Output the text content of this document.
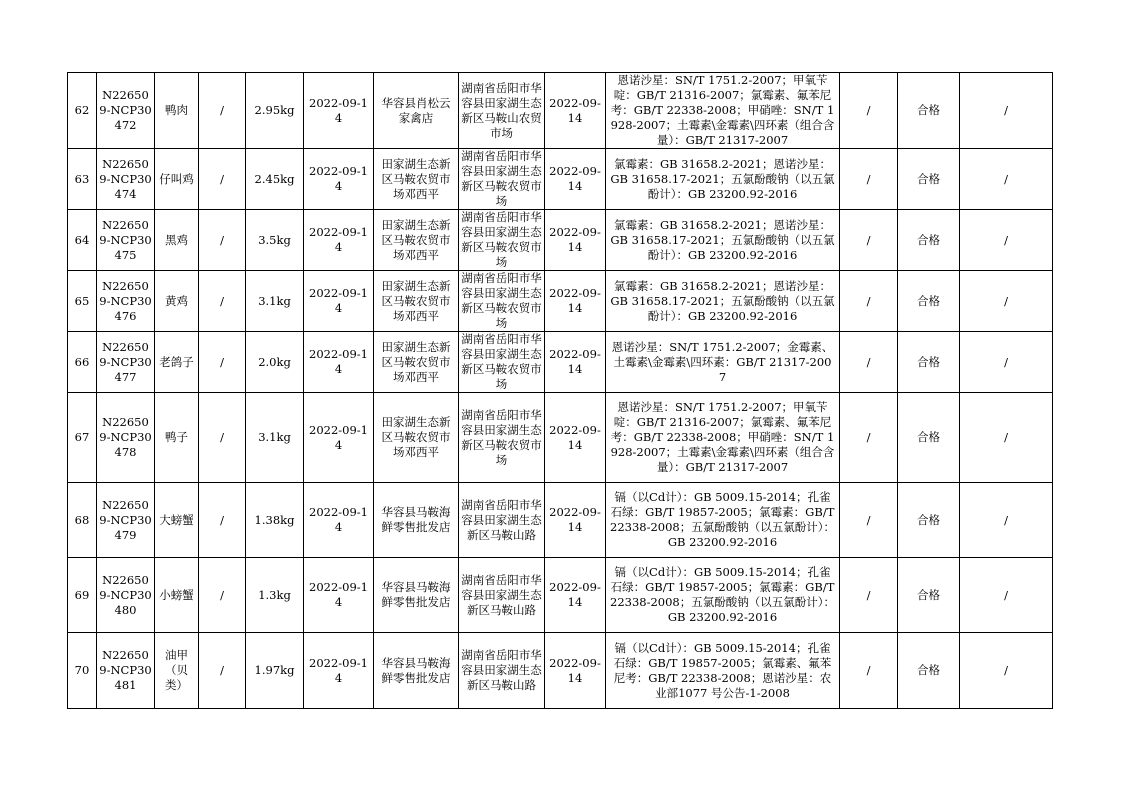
62	N226509-NCP30472	鸭肉	/	2.95kg	2022-09-14	华容县肖松云家禽店	湖南省岳阳市华容县田家湖生态新区马鞍山农贸市场	2022-09-14	恩诺沙星：SN/T 1751.2-2007；甲氧苄啶：GB/T 21316-2007；氯霉素、氟苯尼考：GB/T 22338-2008；甲硝唑：SN/T 1928-2007；土霉素\金霉素\四环素（组合含量）：GB/T 21317-2007	/	合格	/
63	N226509-NCP30474	仔叫鸡	/	2.45kg	2022-09-14	田家湖生态新区马鞍农贸市场邓西平	湖南省岳阳市华容县田家湖生态新区马鞍农贸市场	2022-09-14	氯霉素：GB 31658.2-2021；恩诺沙星：GB 31658.17-2021；五氯酚酸钠（以五氯酚计）：GB 23200.92-2016	/	合格	/
64	N226509-NCP30475	黑鸡	/	3.5kg	2022-09-14	田家湖生态新区马鞍农贸市场邓西平	湖南省岳阳市华容县田家湖生态新区马鞍农贸市场	2022-09-14	氯霉素：GB 31658.2-2021；恩诺沙星：GB 31658.17-2021；五氯酚酸钠（以五氯酚计）：GB 23200.92-2016	/	合格	/
65	N226509-NCP30476	黄鸡	/	3.1kg	2022-09-14	田家湖生态新区马鞍农贸市场邓西平	湖南省岳阳市华容县田家湖生态新区马鞍农贸市场	2022-09-14	氯霉素：GB 31658.2-2021；恩诺沙星：GB 31658.17-2021；五氯酚酸钠（以五氯酚计）：GB 23200.92-2016	/	合格	/
66	N226509-NCP30477	老鸽子	/	2.0kg	2022-09-14	田家湖生态新区马鞍农贸市场邓西平	湖南省岳阳市华容县田家湖生态新区马鞍农贸市场	2022-09-14	恩诺沙星：SN/T 1751.2-2007；金霉素、土霉素\金霉素\四环素：GB/T 21317-2007	/	合格	/
67	N226509-NCP30478	鸭子	/	3.1kg	2022-09-14	田家湖生态新区马鞍农贸市场邓西平	湖南省岳阳市华容县田家湖生态新区马鞍农贸市场	2022-09-14	恩诺沙星：SN/T 1751.2-2007；甲氧苄啶：GB/T 21316-2007；氯霉素、氟苯尼考：GB/T 22338-2008；甲硝唑：SN/T 1928-2007；土霉素\金霉素\四环素（组合含量）：GB/T 21317-2007	/	合格	/
68	N226509-NCP30479	大螃蟹	/	1.38kg	2022-09-14	华容县马鞍海鲜零售批发店	湖南省岳阳市华容县田家湖生态新区马鞍山路	2022-09-14	镉（以Cd计）：GB 5009.15-2014；孔雀石绿：GB/T 19857-2005；氯霉素：GB/T 22338-2008；五氯酚酸钠（以五氯酚计）：GB 23200.92-2016	/	合格	/
69	N226509-NCP30480	小螃蟹	/	1.3kg	2022-09-14	华容县马鞍海鲜零售批发店	湖南省岳阳市华容县田家湖生态新区马鞍山路	2022-09-14	镉（以Cd计）：GB 5009.15-2014；孔雀石绿：GB/T 19857-2005；氯霉素：GB/T 22338-2008；五氯酚酸钠（以五氯酚计）：GB 23200.92-2016	/	合格	/
70	N226509-NCP30481	油甲（贝类）	/	1.97kg	2022-09-14	华容县马鞍海鲜零售批发店	湖南省岳阳市华容县田家湖生态新区马鞍山路	2022-09-14	镉（以Cd计）：GB 5009.15-2014；孔雀石绿：GB/T 19857-2005；氯霉素、氟苯尼考：GB/T 22338-2008；恩诺沙星：农业部1077 号公告-1-2008	/	合格	/
